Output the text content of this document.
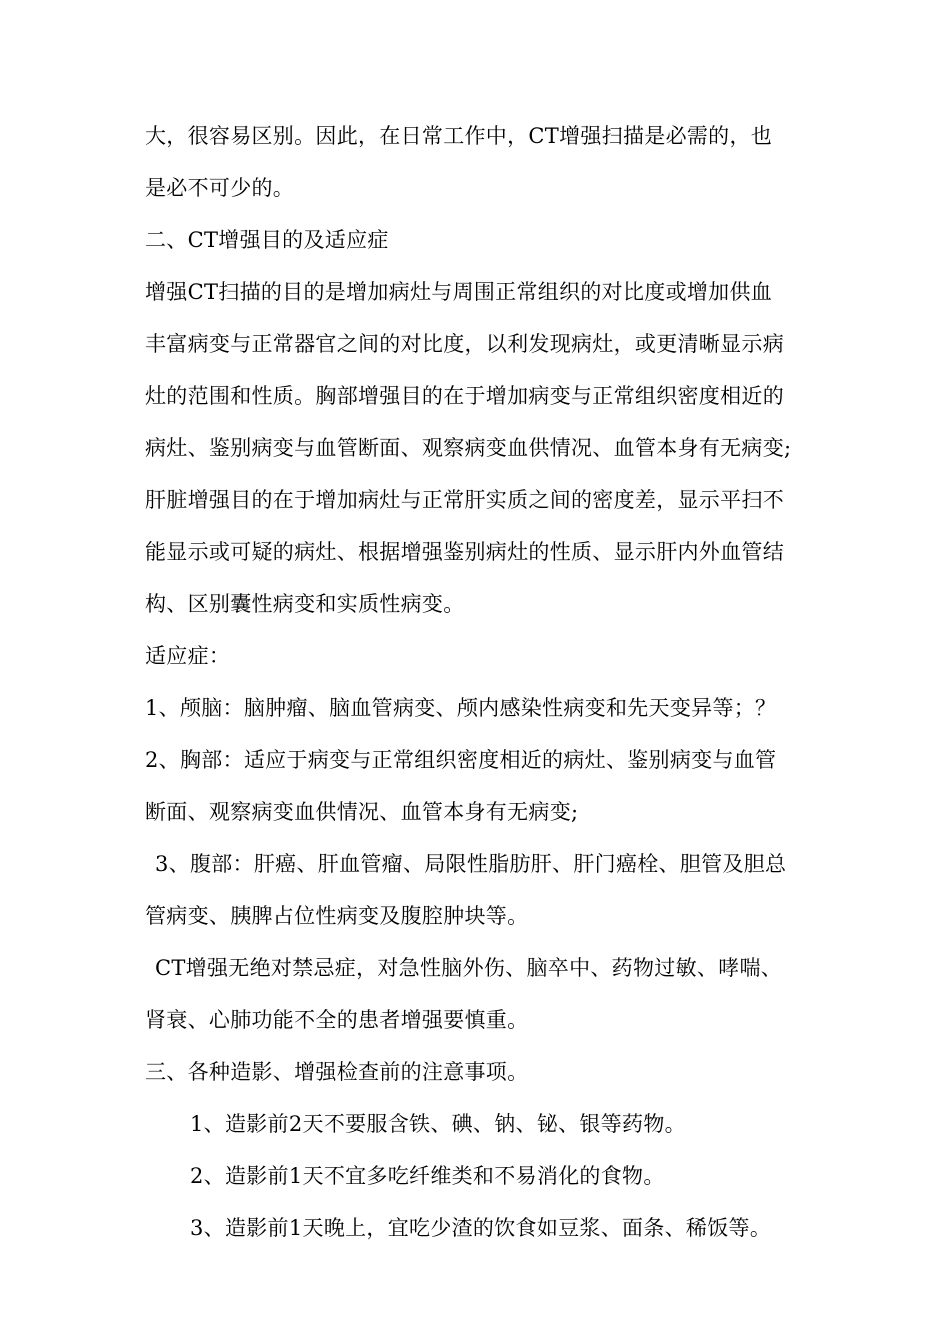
大，很容易区别。因此，在日常工作中，CT增强扫描是必需的，也
是必不可少的。
二、CT增强目的及适应症
增强CT扫描的目的是增加病灶与周围正常组织的对比度或增加供血
丰富病变与正常器官之间的对比度，以利发现病灶，或更清晰显示病
灶的范围和性质。胸部增强目的在于增加病变与正常组织密度相近的
病灶、鉴别病变与血管断面、观察病变血供情况、血管本身有无病变;
肝脏增强目的在于增加病灶与正常肝实质之间的密度差，显示平扫不
能显示或可疑的病灶、根据增强鉴别病灶的性质、显示肝内外血管结
构、区别囊性病变和实质性病变。
适应症：
1、颅脑：脑肿瘤、脑血管病变、颅内感染性病变和先天变异等；？
2、胸部：适应于病变与正常组织密度相近的病灶、鉴别病变与血管
断面、观察病变血供情况、血管本身有无病变;
3、腹部：肝癌、肝血管瘤、局限性脂肪肝、肝门癌栓、胆管及胆总
管病变、胰脾占位性病变及腹腔肿块等。
CT增强无绝对禁忌症，对急性脑外伤、脑卒中、药物过敏、哮喘、
肾衰、心肺功能不全的患者增强要慎重。
三、各种造影、增强检查前的注意事项。
1、造影前2天不要服含铁、碘、钠、铋、银等药物。
2、造影前1天不宜多吃纤维类和不易消化的食物。
3、造影前1天晚上，宜吃少渣的饮食如豆浆、面条、稀饭等。
